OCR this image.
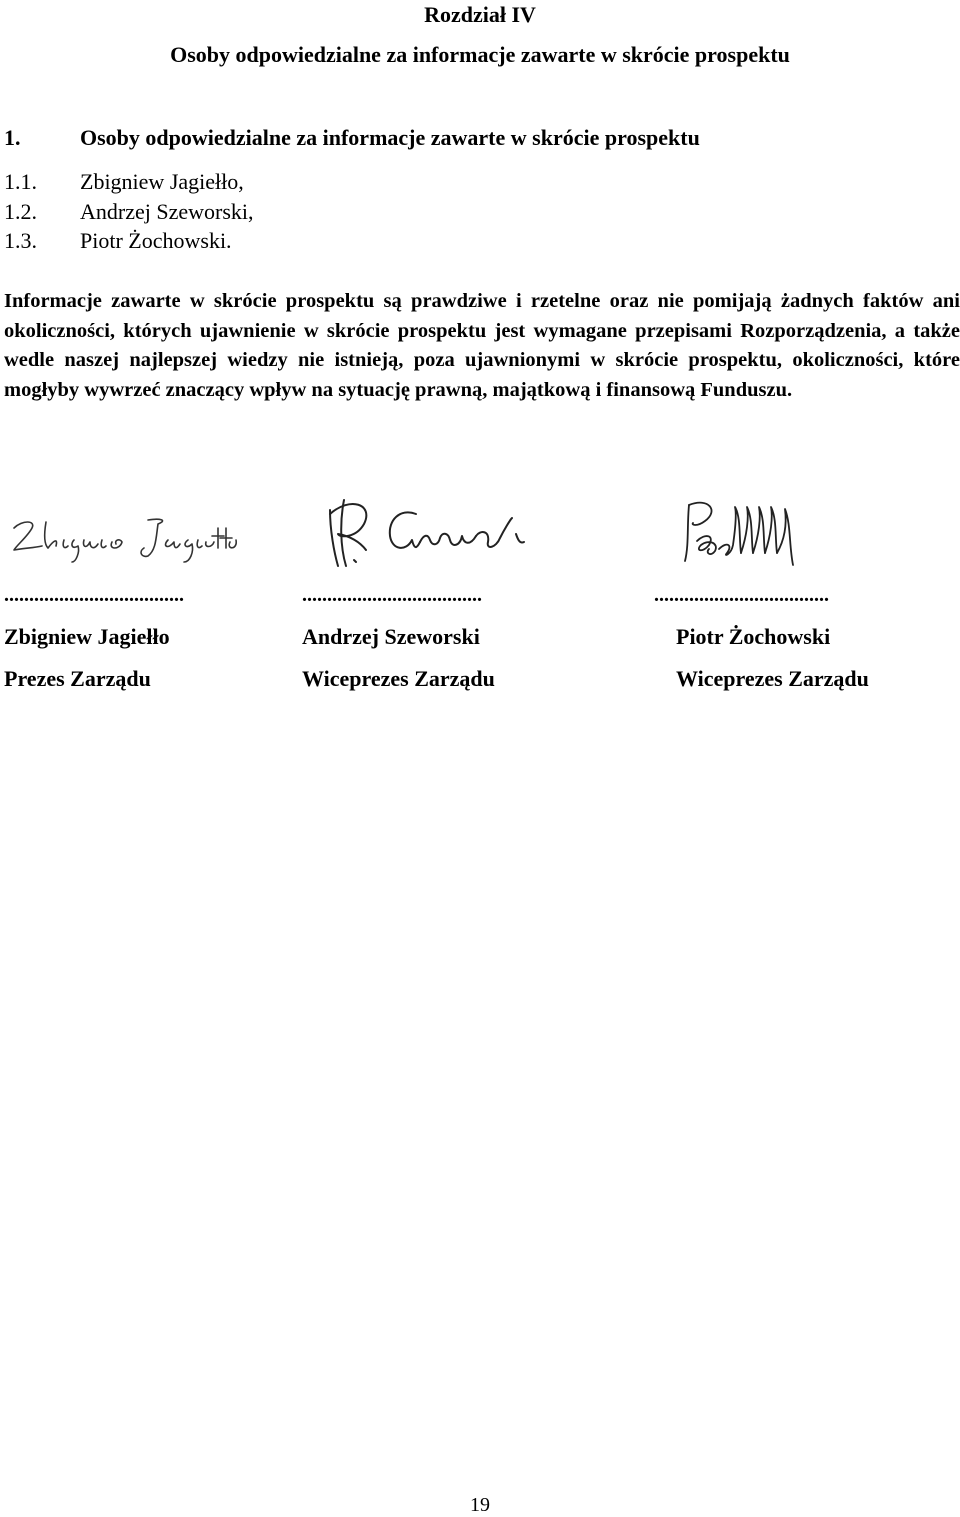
Rozdział IV
Osoby odpowiedzialne za informacje zawarte w skrócie prospektu
1.	Osoby odpowiedzialne za informacje zawarte w skrócie prospektu
1.1. Zbigniew Jagiełło,
1.2. Andrzej Szeworski,
1.3. Piotr Żochowski.
Informacje zawarte w skrócie prospektu są prawdziwe i rzetelne oraz nie pomijają żadnych faktów ani okoliczności, których ujawnienie w skrócie prospektu jest wymagane przepisami Rozporządzenia, a także wedle naszej najlepszej wiedzy nie istnieją, poza ujawnionymi w skrócie prospektu, okoliczności, które mogłyby wywrzeć znaczący wpływ na sytuację prawną, majątkową i finansową Funduszu.
....................................	....................................	...................................
Zbigniew Jagiełło	Andrzej Szeworski	Piotr Żochowski
Prezes Zarządu	Wiceprezes Zarządu	Wiceprezes Zarządu
19
